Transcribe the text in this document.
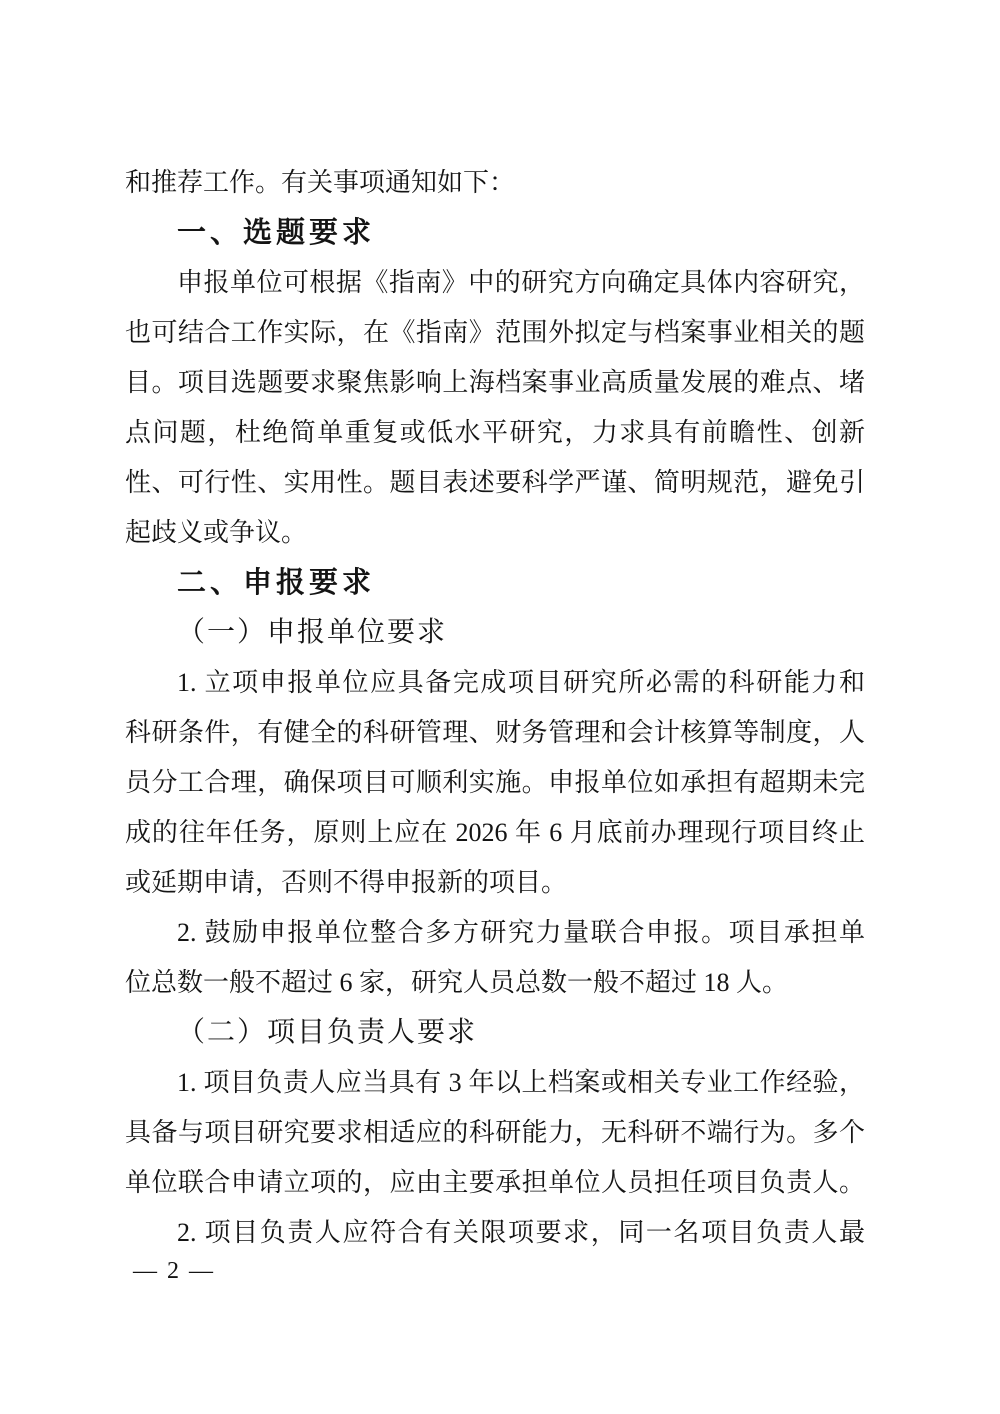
和推荐工作。有关事项通知如下：
一、选题要求
申报单位可根据《指南》中的研究方向确定具体内容研究，
也可结合工作实际，在《指南》范围外拟定与档案事业相关的题
目。项目选题要求聚焦影响上海档案事业高质量发展的难点、堵
点问题，杜绝简单重复或低水平研究，力求具有前瞻性、创新
性、可行性、实用性。题目表述要科学严谨、简明规范，避免引
起歧义或争议。
二、申报要求
（一）申报单位要求
1. 立项申报单位应具备完成项目研究所必需的科研能力和
科研条件，有健全的科研管理、财务管理和会计核算等制度，人
员分工合理，确保项目可顺利实施。申报单位如承担有超期未完
成的往年任务，原则上应在 2026 年 6 月底前办理现行项目终止
或延期申请，否则不得申报新的项目。
2. 鼓励申报单位整合多方研究力量联合申报。项目承担单
位总数一般不超过 6 家，研究人员总数一般不超过 18 人。
（二）项目负责人要求
1. 项目负责人应当具有 3 年以上档案或相关专业工作经验，
具备与项目研究要求相适应的科研能力，无科研不端行为。多个
单位联合申请立项的，应由主要承担单位人员担任项目负责人。
2. 项目负责人应符合有关限项要求，同一名项目负责人最
— 2 —
